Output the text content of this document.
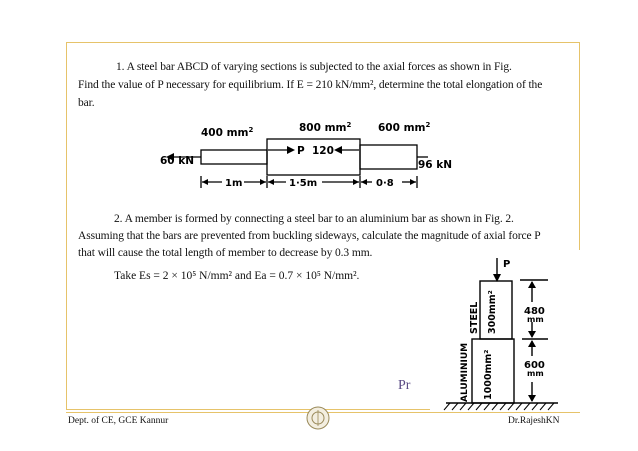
1. A steel bar ABCD of varying sections is subjected to the axial forces as shown in Fig.
Find the value of P necessary for equilibrium. If E = 210 kN/mm², determine the total elongation of the
bar.
400 $mm^2$	800 $mm^2$	600 $mm^2$
60 kN
P 120
96 kN
1m	1·5m	0·8
2. A member is formed by connecting a steel bar to an aluminium bar as shown in Fig. 2.
Assuming that the bars are prevented from buckling sideways, calculate the magnitude of axial force P
that will cause the total length of member to decrease by 0.3 mm.
Take Es = 2 × 10⁵ N/mm² and Ea = 0.7 × 10⁵ N/mm².
P
STEEL 300mm²
ALUMINIUM 1000mm²
480
mm
600
mm
Pr
Dept. of CE, GCE Kannur	Dr.RajeshKN
